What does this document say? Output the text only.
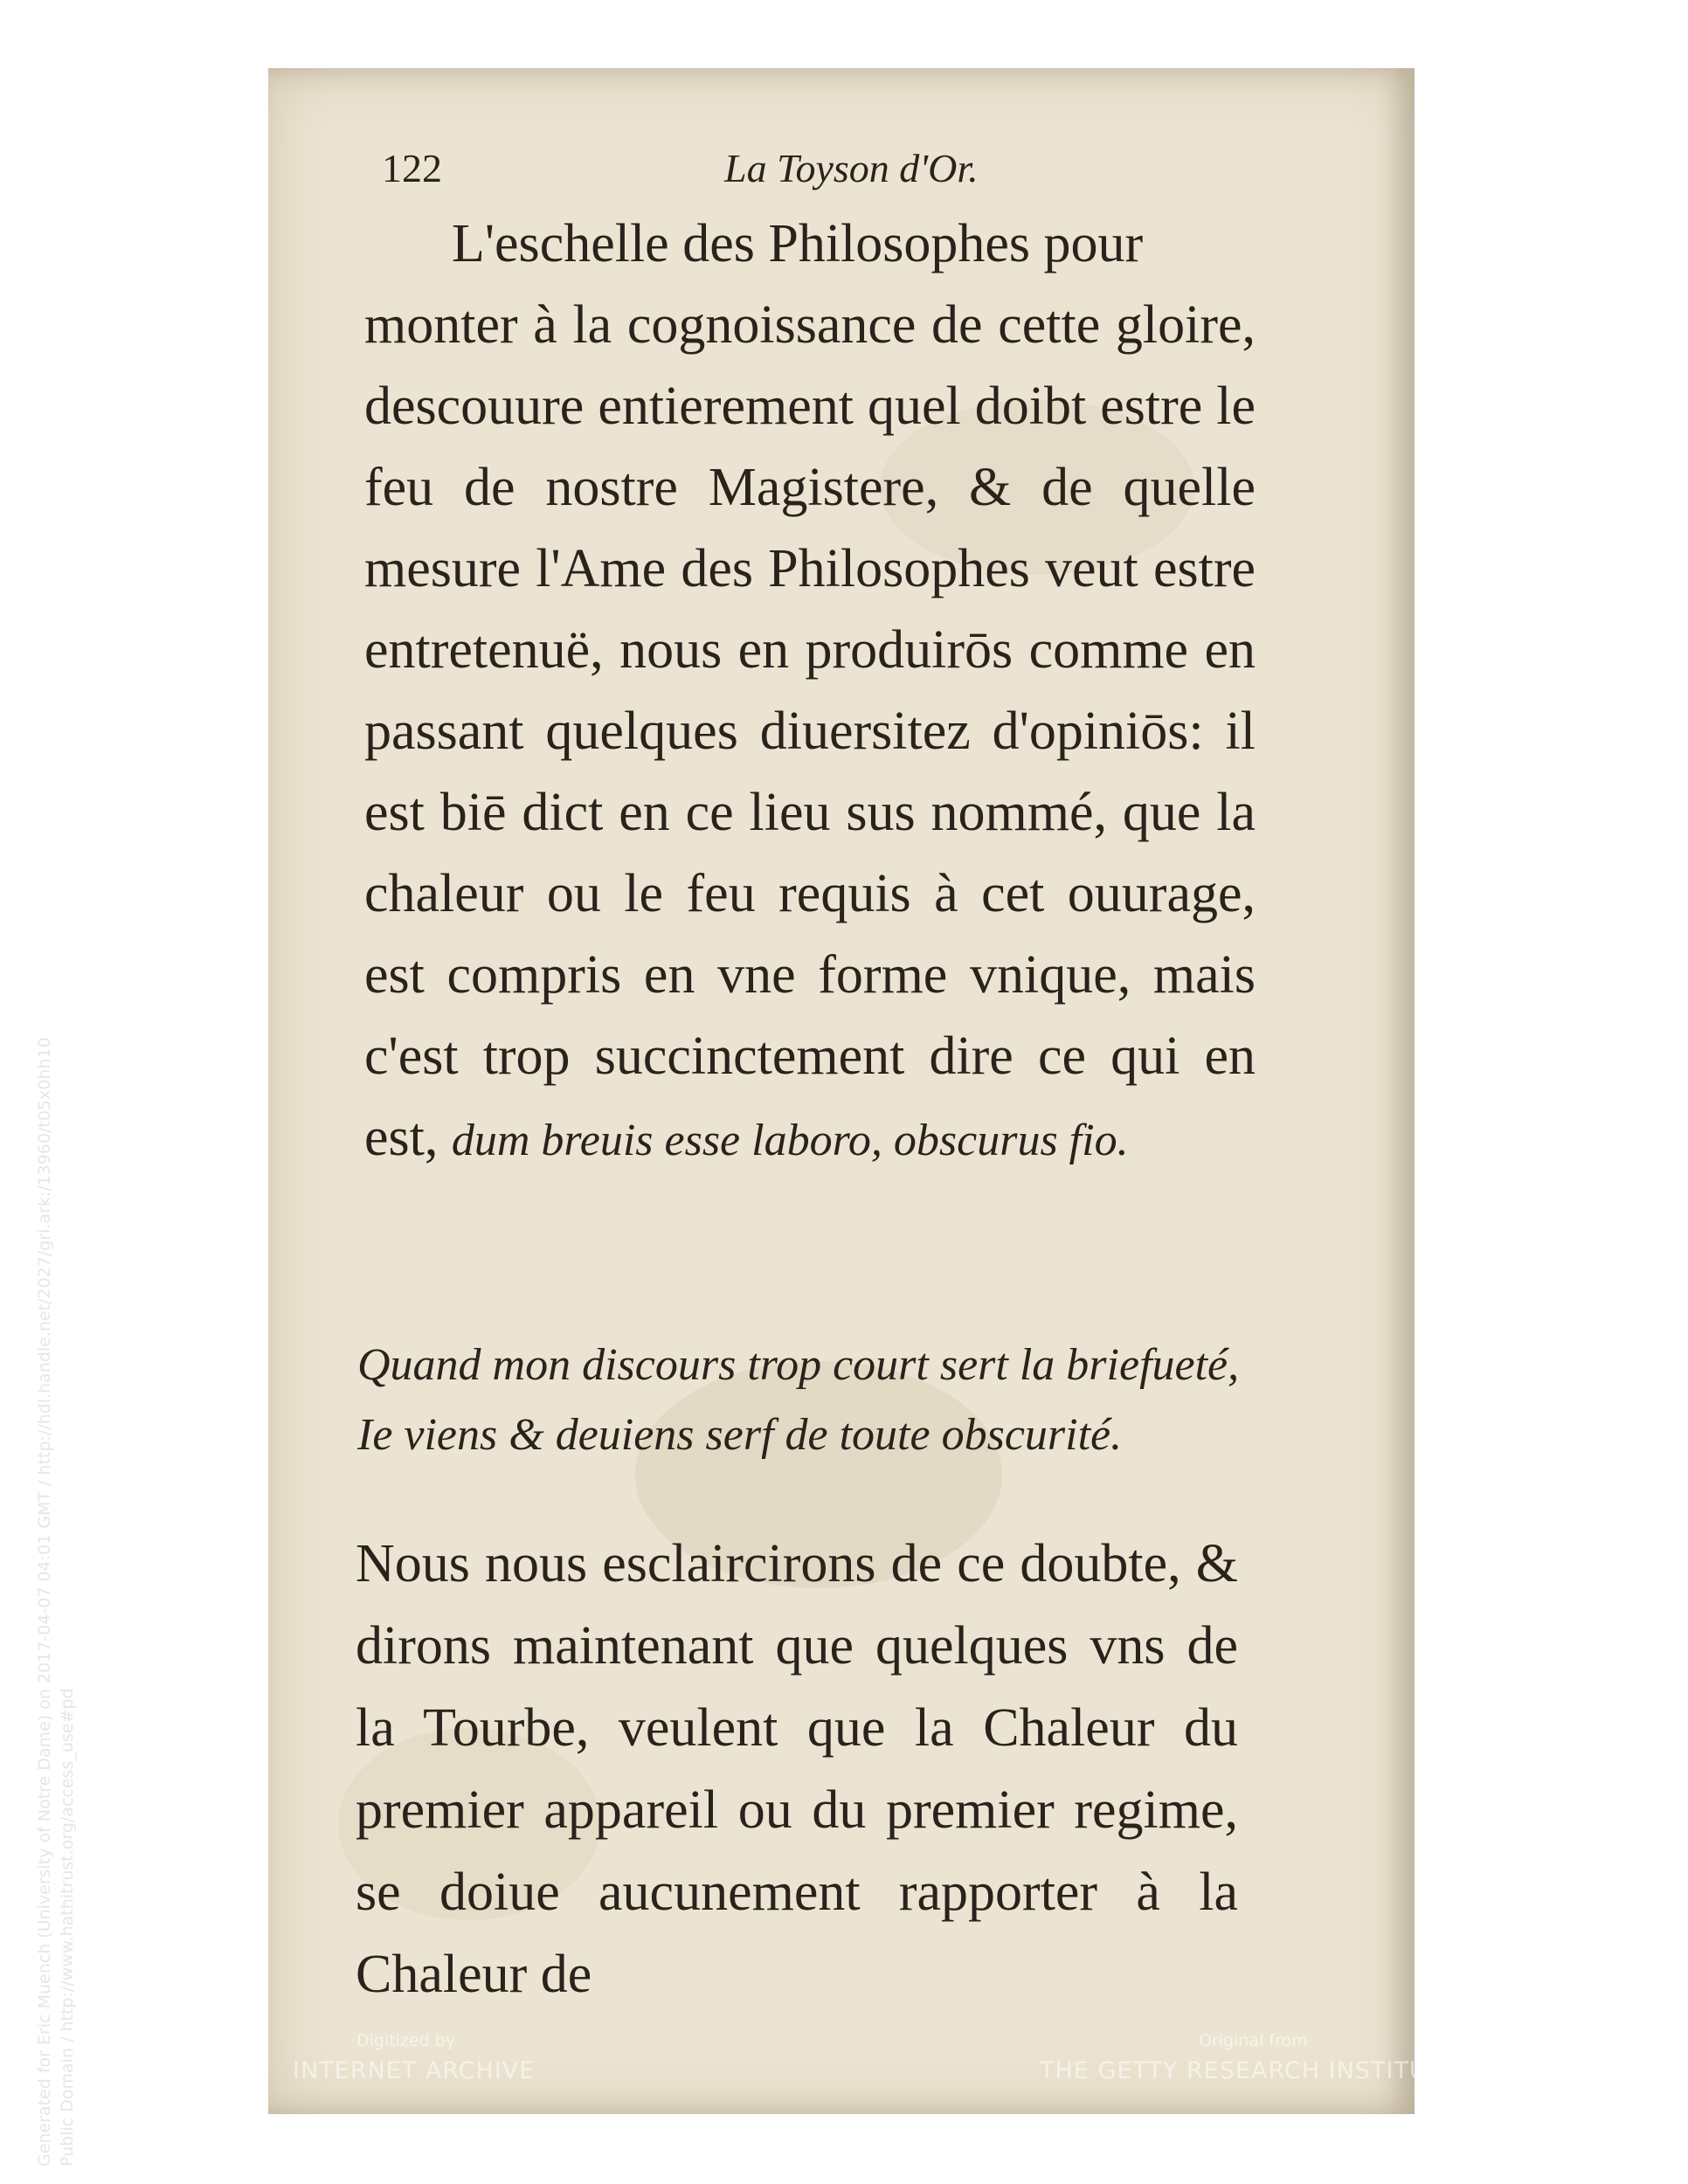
122	La Toyson d'Or.
L'eschelle des Philosophes pour
monter à la cognoissance de cette gloire, descouure entierement quel doibt estre le feu de nostre Magistere, & de quelle mesure l'Ame des Philosophes veut estre entretenuë, nous en produirōs comme en passant quelques diuersitez d'opiniōs: il est biē dict en ce lieu sus nommé, que la chaleur ou le feu requis à cet ouurage, est compris en vne forme vnique, mais c'est trop succinctement dire ce qui en est, dum breuis esse laboro, obscurus fio.
Quand mon discours trop court sert la briefueté,
Ie viens & deuiens serf de toute obscurité.
Nous nous esclaircirons de ce doubte, & dirons maintenant que quelques vns de la Tourbe, veulent que la Chaleur du premier appareil ou du premier regime, se doiue aucunement rapporter à la Chaleur de
Digitized by
INTERNET ARCHIVE
Original from
THE GETTY RESEARCH INSTITUTE
Generated for Eric Muench (University of Notre Dame) on 2017-04-07 04:01 GMT / http://hdl.handle.net/2027/gri.ark:/13960/t05x0hh10 Public Domain / http://www.hathitrust.org/access_use#pd
